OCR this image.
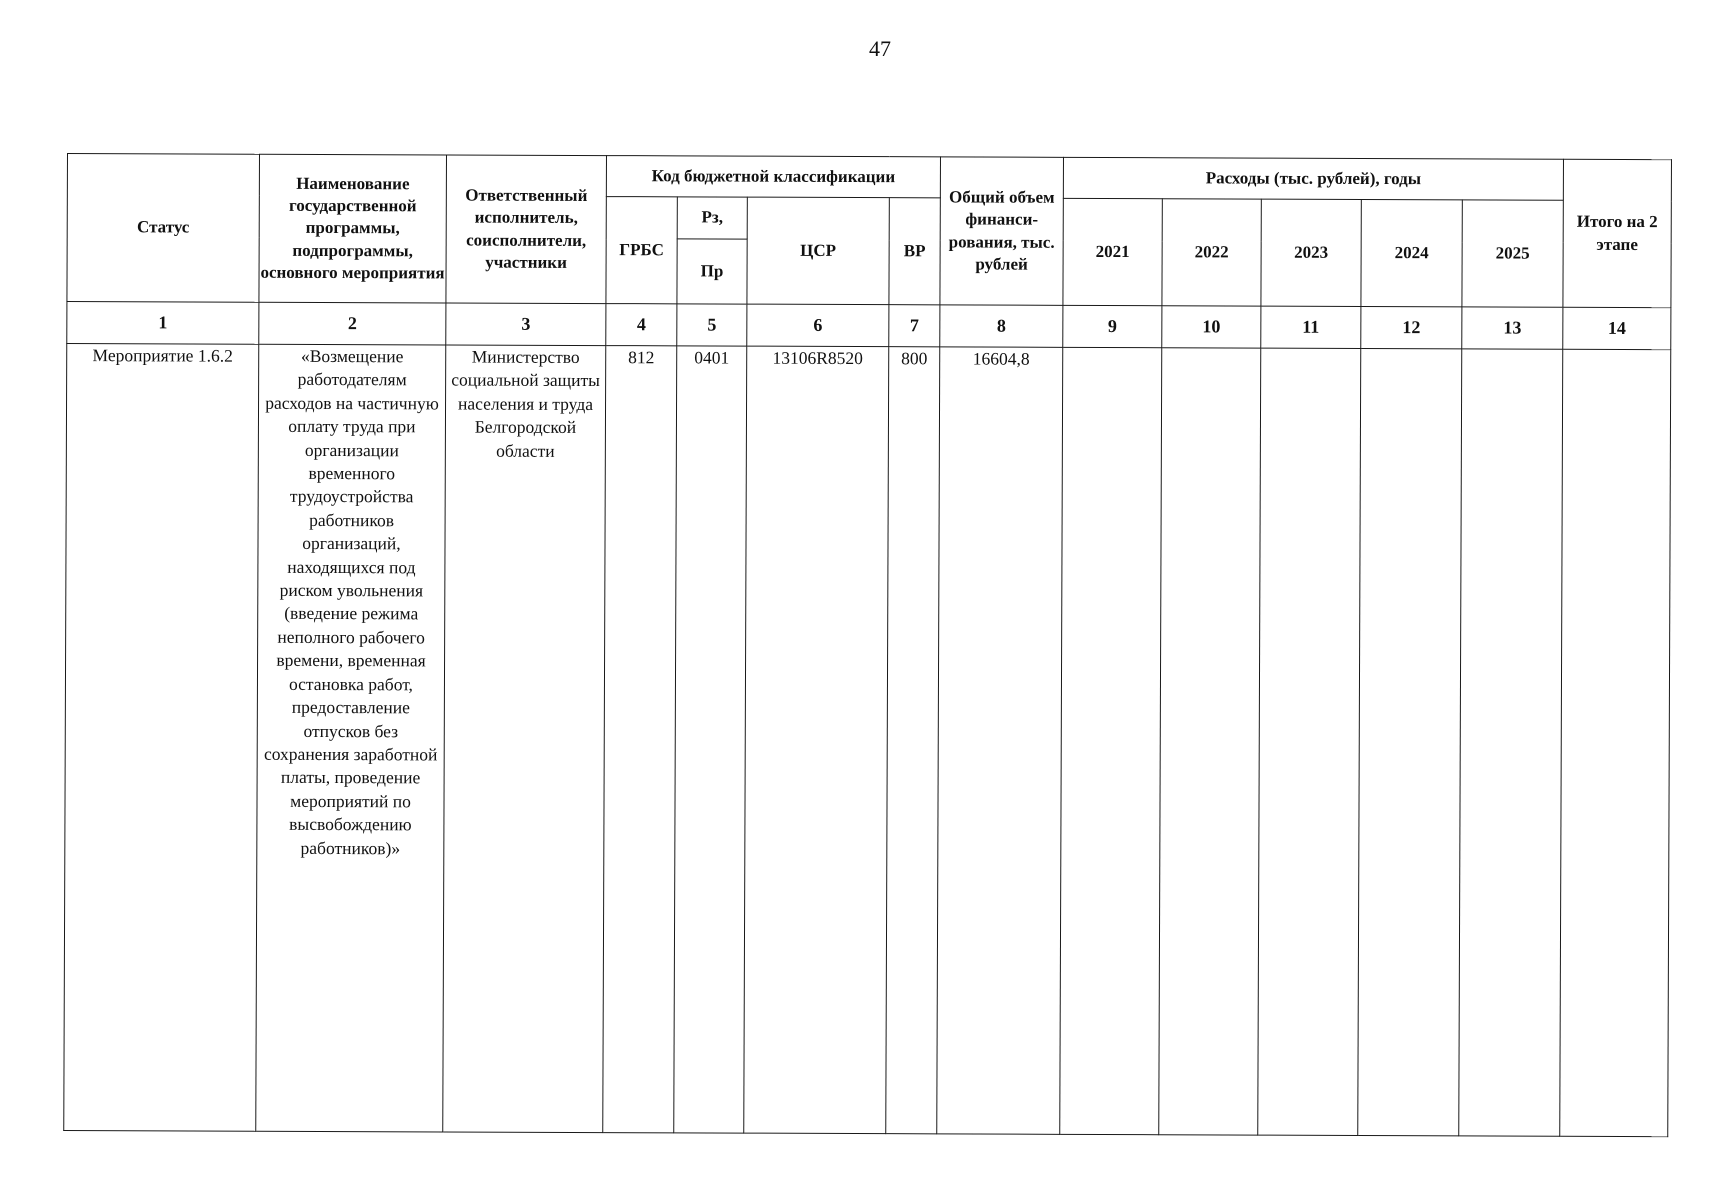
47
Статус	Наименование государственной программы, подпрограммы, основного мероприятия	Ответственный исполнитель, соисполнители, участники	Код бюджетной классификации				Общий объем финанси-рования, тыс. рублей	Расходы (тыс. рублей), годы					Итого на 2 этапе
			ГРБС	Рз,	ЦСР	ВР		2021	2022	2023	2024	2025	
				Пр									
1	2	3	4	5	6	7	8	9	10	11	12	13	14
Мероприятие 1.6.2	«Возмещение работодателям расходов на частичную оплату труда при организации временного трудоустройства работников организаций, находящихся под риском увольнения (введение режима неполного рабочего времени, временная остановка работ, предоставление отпусков без сохранения заработной платы, проведение мероприятий по высвобождению работников)»	Министерство социальной защиты населения и труда Белгородской области	812	0401	13106R8520	800	16604,8						
